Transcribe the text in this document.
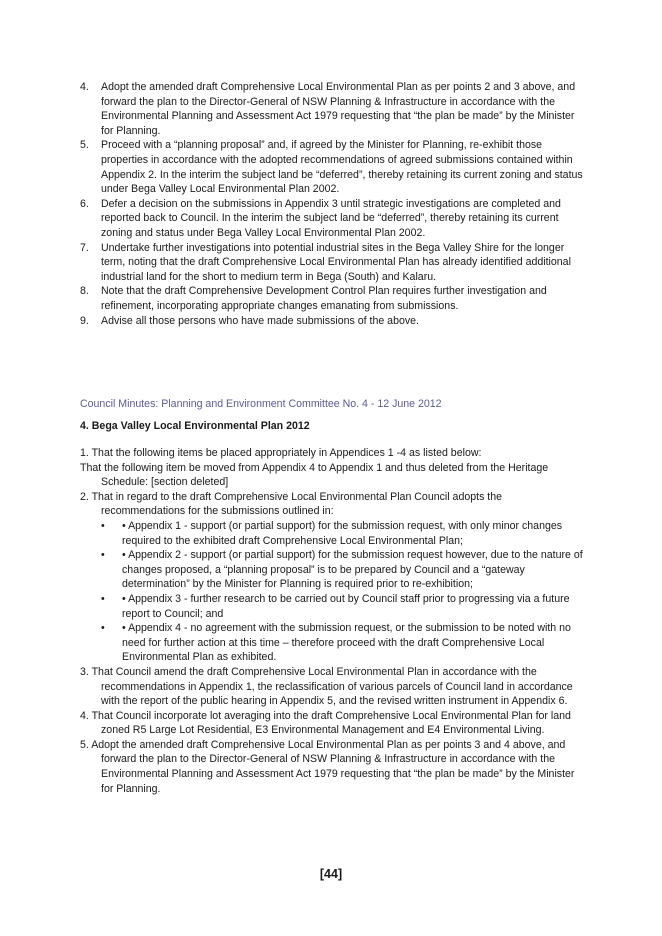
4. Adopt the amended draft Comprehensive Local Environmental Plan as per points 2 and 3 above, and forward the plan to the Director-General of NSW Planning & Infrastructure in accordance with the Environmental Planning and Assessment Act 1979 requesting that “the plan be made” by the Minister for Planning.
5. Proceed with a “planning proposal” and, if agreed by the Minister for Planning, re-exhibit those properties in accordance with the adopted recommendations of agreed submissions contained within Appendix 2. In the interim the subject land be “deferred”, thereby retaining its current zoning and status under Bega Valley Local Environmental Plan 2002.
6. Defer a decision on the submissions in Appendix 3 until strategic investigations are completed and reported back to Council. In the interim the subject land be “deferred”, thereby retaining its current zoning and status under Bega Valley Local Environmental Plan 2002.
7. Undertake further investigations into potential industrial sites in the Bega Valley Shire for the longer term, noting that the draft Comprehensive Local Environmental Plan has already identified additional industrial land for the short to medium term in Bega (South) and Kalaru.
8. Note that the draft Comprehensive Development Control Plan requires further investigation and refinement, incorporating appropriate changes emanating from submissions.
9. Advise all those persons who have made submissions of the above.
Council Minutes: Planning and Environment Committee No. 4 - 12 June 2012
4. Bega Valley Local Environmental Plan 2012

1. That the following items be placed appropriately in Appendices 1 -4 as listed below:

That the following item be moved from Appendix 4 to Appendix 1 and thus deleted from the Heritage Schedule: [section deleted]

2. That in regard to the draft Comprehensive Local Environmental Plan Council adopts the recommendations for the submissions outlined in:

• • Appendix 1 - support (or partial support) for the submission request, with only minor changes required to the exhibited draft Comprehensive Local Environmental Plan;
• • Appendix 2 - support (or partial support) for the submission request however, due to the nature of changes proposed, a “planning proposal” is to be prepared by Council and a “gateway determination” by the Minister for Planning is required prior to re-exhibition;
• • Appendix 3 - further research to be carried out by Council staff prior to progressing via a future report to Council; and
• • Appendix 4 - no agreement with the submission request, or the submission to be noted with no need for further action at this time – therefore proceed with the draft Comprehensive Local Environmental Plan as exhibited.

3. That Council amend the draft Comprehensive Local Environmental Plan in accordance with the recommendations in Appendix 1, the reclassification of various parcels of Council land in accordance with the report of the public hearing in Appendix 5, and the revised written instrument in Appendix 6.

4. That Council incorporate lot averaging into the draft Comprehensive Local Environmental Plan for land zoned R5 Large Lot Residential, E3 Environmental Management and E4 Environmental Living.

5. Adopt the amended draft Comprehensive Local Environmental Plan as per points 3 and 4 above, and forward the plan to the Director-General of NSW Planning & Infrastructure in accordance with the Environmental Planning and Assessment Act 1979 requesting that “the plan be made” by the Minister for Planning.

[44]
